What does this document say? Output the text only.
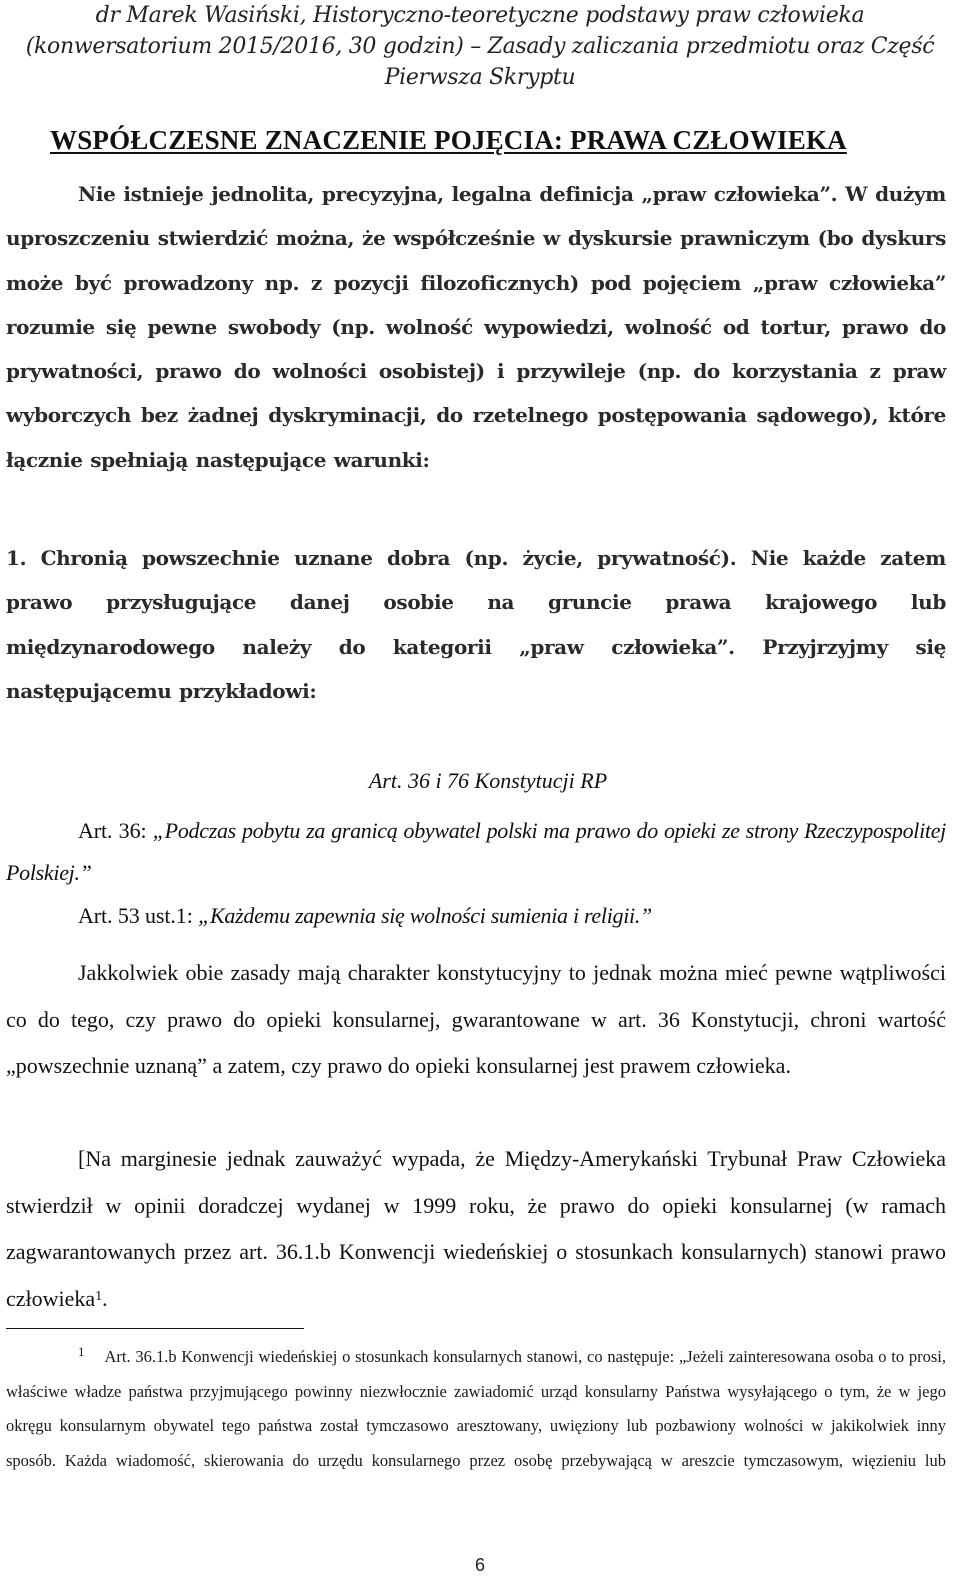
dr Marek Wasiński, Historyczno-teoretyczne podstawy praw człowieka
(konwersatorium 2015/2016, 30 godzin) – Zasady zaliczania przedmiotu oraz Część
Pierwsza Skryptu
WSPÓŁCZESNE ZNACZENIE POJĘCIA: PRAWA CZŁOWIEKA
Nie istnieje jednolita, precyzyjna, legalna definicja „praw człowieka”. W dużym uproszczeniu stwierdzić można, że współcześnie w dyskursie prawniczym (bo dyskurs może być prowadzony np. z pozycji filozoficznych) pod pojęciem „praw człowieka” rozumie się pewne swobody (np. wolność wypowiedzi, wolność od tortur, prawo do prywatności, prawo do wolności osobistej) i przywileje (np. do korzystania z praw wyborczych bez żadnej dyskryminacji, do rzetelnego postępowania sądowego), które łącznie spełniają następujące warunki:
1. Chronią powszechnie uznane dobra (np. życie, prywatność). Nie każde zatem prawo przysługujące danej osobie na gruncie prawa krajowego lub międzynarodowego należy do kategorii „praw człowieka”. Przyjrzyjmy się następującemu przykładowi:
Art. 36 i 76 Konstytucji RP
Art. 36: „Podczas pobytu za granicą obywatel polski ma prawo do opieki ze strony Rzeczypospolitej Polskiej.”
Art. 53 ust.1: „Każdemu zapewnia się wolności sumienia i religii.”
Jakkolwiek obie zasady mają charakter konstytucyjny to jednak można mieć pewne wątpliwości co do tego, czy prawo do opieki konsularnej, gwarantowane w art. 36 Konstytucji, chroni wartość „powszechnie uznaną” a zatem, czy prawo do opieki konsularnej jest prawem człowieka.
[Na marginesie jednak zauważyć wypada, że Między-Amerykański Trybunał Praw Człowieka stwierdził w opinii doradczej wydanej w 1999 roku, że prawo do opieki konsularnej (w ramach zagwarantowanych przez art. 36.1.b Konwencji wiedeńskiej o stosunkach konsularnych) stanowi prawo człowieka$^1$.
$^1$ Art. 36.1.b Konwencji wiedeńskiej o stosunkach konsularnych stanowi, co następuje: „Jeżeli zainteresowana osoba o to prosi, właściwe władze państwa przyjmującego powinny niezwłocznie zawiadomić urząd konsularny Państwa wysyłającego o tym, że w jego okręgu konsularnym obywatel tego państwa został tymczasowo aresztowany, uwięziony lub pozbawiony wolności w jakikolwiek inny sposób. Każda wiadomość, skierowania do urzędu konsularnego przez osobę przebywającą w areszcie tymczasowym, więzieniu lub
6
